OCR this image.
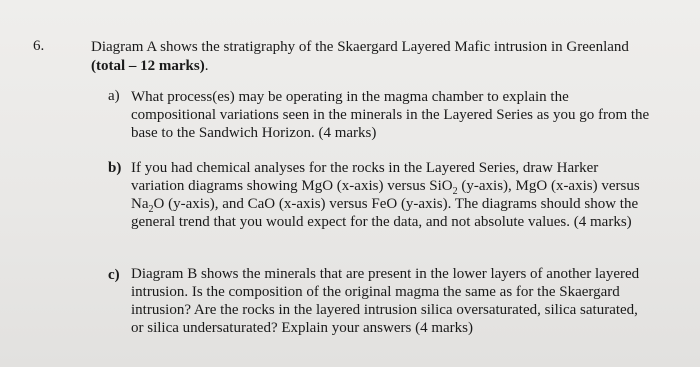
6.	Diagram A shows the stratigraphy of the Skaergard Layered Mafic intrusion in Greenland (total – 12 marks).
a) What process(es) may be operating in the magma chamber to explain the compositional variations seen in the minerals in the Layered Series as you go from the base to the Sandwich Horizon. (4 marks)
b) If you had chemical analyses for the rocks in the Layered Series, draw Harker variation diagrams showing MgO (x-axis) versus SiO$_2$ (y-axis), MgO (x-axis) versus $Na_2O$ (y-axis), and CaO (x-axis) versus FeO (y-axis). The diagrams should show the general trend that you would expect for the data, and not absolute values. (4 marks)
c) Diagram B shows the minerals that are present in the lower layers of another layered intrusion. Is the composition of the original magma the same as for the Skaergard intrusion? Are the rocks in the layered intrusion silica oversaturated, silica saturated, or silica undersaturated? Explain your answers (4 marks)
